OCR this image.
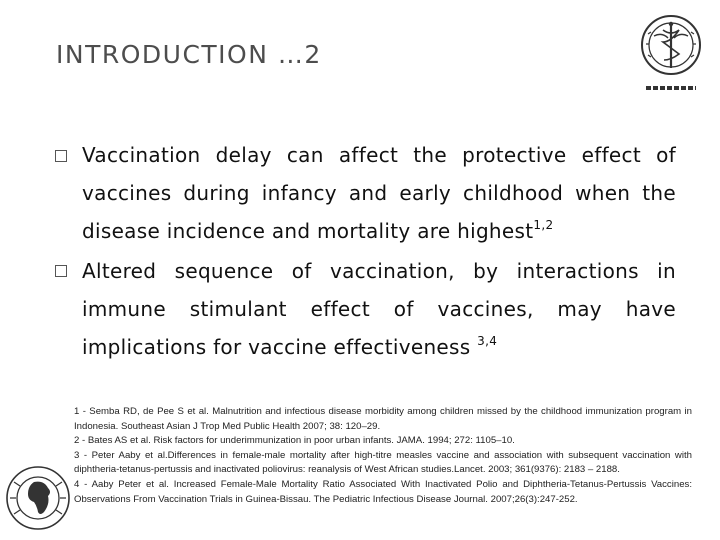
INTRODUCTION …2
Vaccination delay can affect the protective effect of vaccines during infancy and early childhood when the disease incidence and mortality are highest$^{1,2}$
Altered sequence of vaccination, by interactions in immune stimulant effect of vaccines, may have implications for vaccine effectiveness $^{3,4}$
1 - Semba RD, de Pee S et al. Malnutrition and infectious disease morbidity among children missed by the childhood immunization program in Indonesia. Southeast Asian J Trop Med Public Health 2007; 38: 120–29.
2 - Bates AS et al. Risk factors for underimmunization in poor urban infants. JAMA. 1994; 272: 1105–10.
3 - Peter Aaby et al.Differences in female-male mortality after high-titre measles vaccine and association with subsequent vaccination with diphtheria-tetanus-pertussis and inactivated poliovirus: reanalysis of West African studies.Lancet. 2003; 361(9376): 2183 – 2188.
4 - Aaby Peter et al. Increased Female-Male Mortality Ratio Associated With Inactivated Polio and Diphtheria-Tetanus-Pertussis Vaccines: Observations From Vaccination Trials in Guinea-Bissau. The Pediatric Infectious Disease Journal. 2007;26(3):247-252.
